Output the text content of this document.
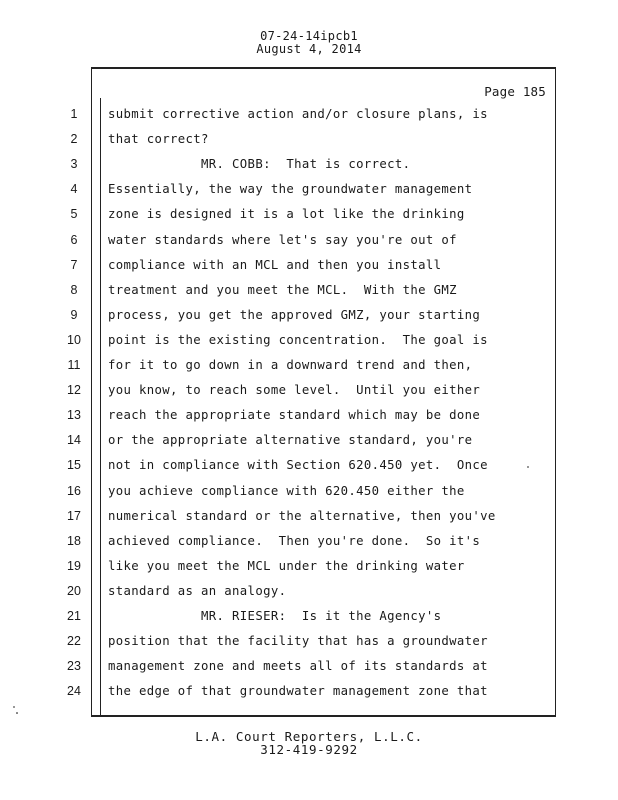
07-24-14ipcb1
August 4, 2014
Page 185
1	submit corrective action and/or closure plans, is
2	that correct?
3	MR. COBB:  That is correct.
4	Essentially, the way the groundwater management
5	zone is designed it is a lot like the drinking
6	water standards where let's say you're out of
7	compliance with an MCL and then you install
8	treatment and you meet the MCL.  With the GMZ
9	process, you get the approved GMZ, your starting
10	point is the existing concentration.  The goal is
11	for it to go down in a downward trend and then,
12	you know, to reach some level.  Until you either
13	reach the appropriate standard which may be done
14	or the appropriate alternative standard, you're
15	not in compliance with Section 620.450 yet.  Once
16	you achieve compliance with 620.450 either the
17	numerical standard or the alternative, then you've
18	achieved compliance.  Then you're done.  So it's
19	like you meet the MCL under the drinking water
20	standard as an analogy.
21	MR. RIESER:  Is it the Agency's
22	position that the facility that has a groundwater
23	management zone and meets all of its standards at
24	the edge of that groundwater management zone that
L.A. Court Reporters, L.L.C.
312-419-9292
